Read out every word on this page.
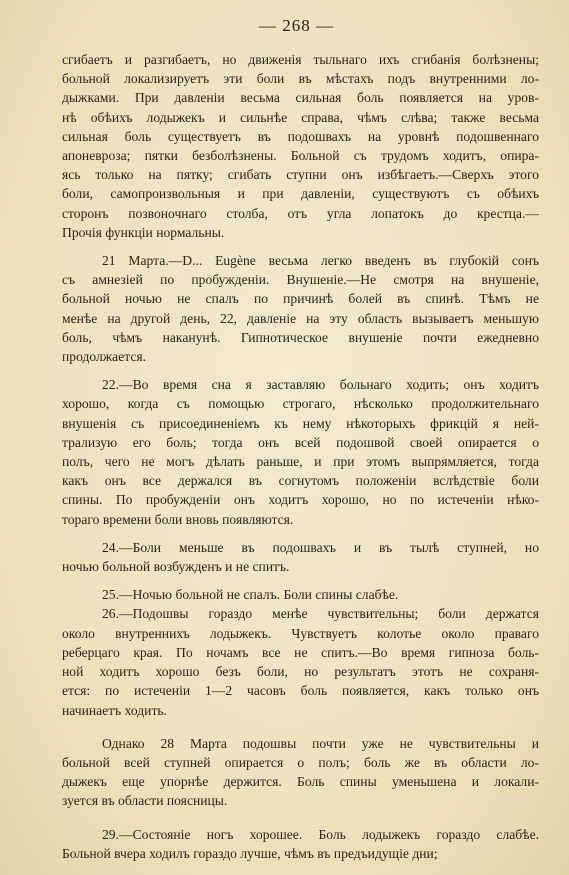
— 268 —

сгибаетъ и разгибаетъ, но движенія тыльнаго ихъ сгибанія болѣзнены;
больной локализируетъ эти боли въ мѣстахъ подъ внутренними ло-
дыжками. При давленіи весьма сильная боль появляется на уров-
нѣ обѣихъ лодыжекъ и сильнѣе справа, чѣмъ слѣва; также весьма
сильная боль существуетъ въ подошвахъ на уровнѣ подошвеннаго
апоневроза; пятки безболѣзнены. Больной съ трудомъ ходитъ, опира-
ясь только на пятку; сгибать ступни онъ избѣгаетъ.—Сверхъ этого
боли, самопроизвольныя и при давленіи, существуютъ съ обѣихъ
сторонъ позвоночнаго столба, отъ угла лопатокъ до крестца.—
Прочія функціи нормальны.

21 Марта.—D... Eugène весьма легко введенъ въ глубокій сонъ
съ амнезіей по пробужденіи. Внушеніе.—Не смотря на внушеніе,
больной ночью не спалъ по причинѣ болей въ спинѣ. Тѣмъ не
менѣе на другой день, 22, давленіе на эту область вызываетъ меньшую
боль, чѣмъ наканунѣ. Гипнотическое внушеніе почти ежедневно
продолжается.

22.—Во время сна я заставляю больнаго ходить; онъ ходитъ
хорошо, когда съ помощью строгаго, нѣсколько продолжительнаго
внушенія съ присоединеніемъ къ нему нѣкоторыхъ фрикцій я ней-
трализую его боль; тогда онъ всей подошвой своей опирается о
полъ, чего не могъ дѣлать раньше, и при этомъ выпрямляется, тогда
какъ онъ все держался въ согнутомъ положеніи вслѣдствіе боли
спины. По пробужденіи онъ ходитъ хорошо, но по истеченіи нѣко-
тораго времени боли вновь появляются.

24.—Боли меньше въ подошвахъ и въ тылѣ ступней, но
ночью больной возбужденъ и не спитъ.

25.—Ночью больной не спалъ. Боли спины слабѣе.

26.—Подошвы гораздо менѣе чувствительны; боли держатся
около внутреннихъ лодыжекъ. Чувствуетъ колотье около праваго
реберцаго края. По ночамъ все не спитъ.—Во время гипноза боль-
ной ходитъ хорошо безъ боли, но результатъ этотъ не сохраня-
ется: по истеченіи 1—2 часовъ боль появляется, какъ только онъ
начинаетъ ходить.

Однако 28 Марта подошвы почти уже не чувствительны и
больной всей ступней опирается о полъ; боль же въ области ло-
дыжекъ еще упорнѣе держится. Боль спины уменьшена и локали-
зуется въ области поясницы.

29.—Состояніе ногъ хорошее. Боль лодыжекъ гораздо слабѣе.
Больной вчера ходилъ гораздо лучше, чѣмъ въ предъидущіе дни;
